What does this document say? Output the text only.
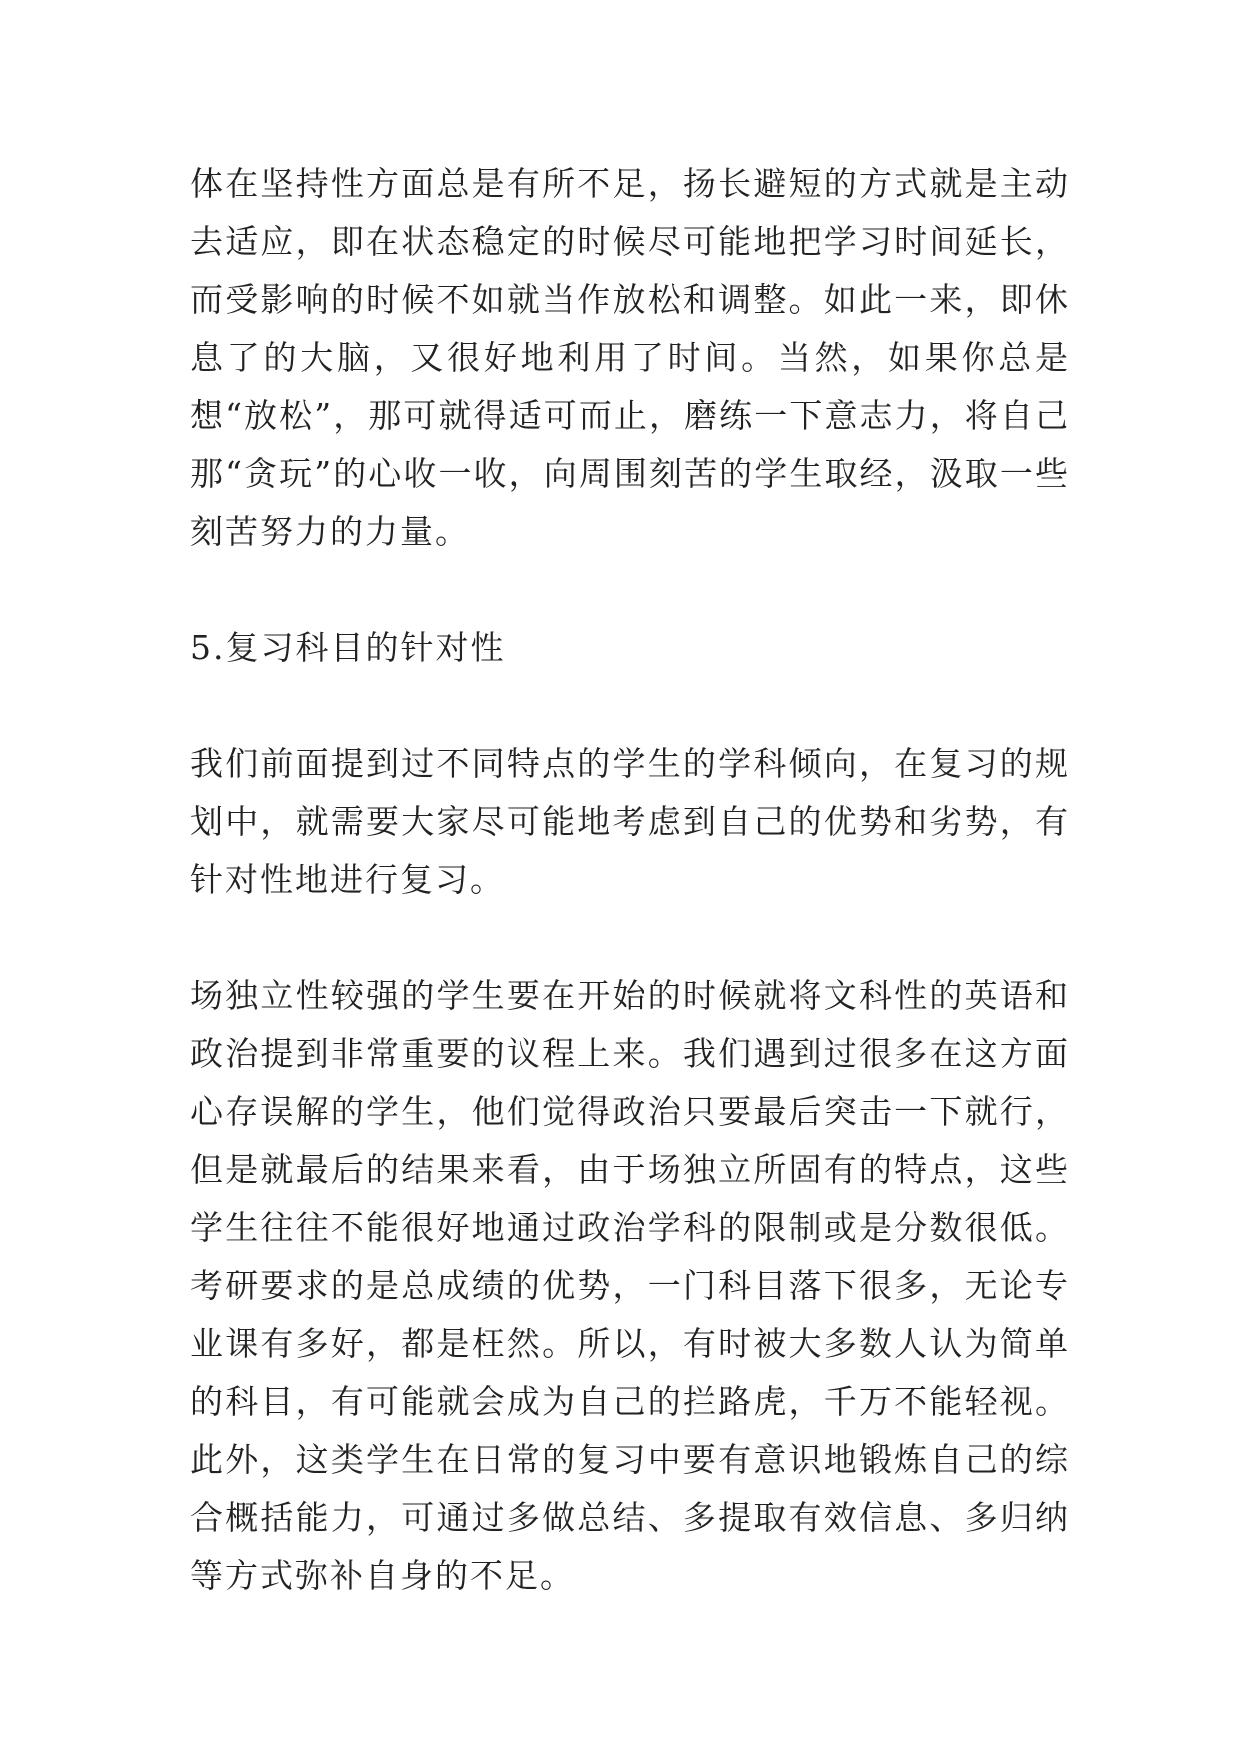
体在坚持性方面总是有所不足，扬长避短的方式就是主动去适应，即在状态稳定的时候尽可能地把学习时间延长，而受影响的时候不如就当作放松和调整。如此一来，即休息了的大脑，又很好地利用了时间。当然，如果你总是想“放松”，那可就得适可而止，磨练一下意志力，将自己那“贪玩”的心收一收，向周围刻苦的学生取经，汲取一些刻苦努力的力量。

5.复习科目的针对性

我们前面提到过不同特点的学生的学科倾向，在复习的规划中，就需要大家尽可能地考虑到自己的优势和劣势，有针对性地进行复习。

场独立性较强的学生要在开始的时候就将文科性的英语和政治提到非常重要的议程上来。我们遇到过很多在这方面心存误解的学生，他们觉得政治只要最后突击一下就行，但是就最后的结果来看，由于场独立所固有的特点，这些学生往往不能很好地通过政治学科的限制或是分数很低。考研要求的是总成绩的优势，一门科目落下很多，无论专业课有多好，都是枉然。所以，有时被大多数人认为简单的科目，有可能就会成为自己的拦路虎，千万不能轻视。此外，这类学生在日常的复习中要有意识地锻炼自己的综合概括能力，可通过多做总结、多提取有效信息、多归纳等方式弥补自身的不足。
